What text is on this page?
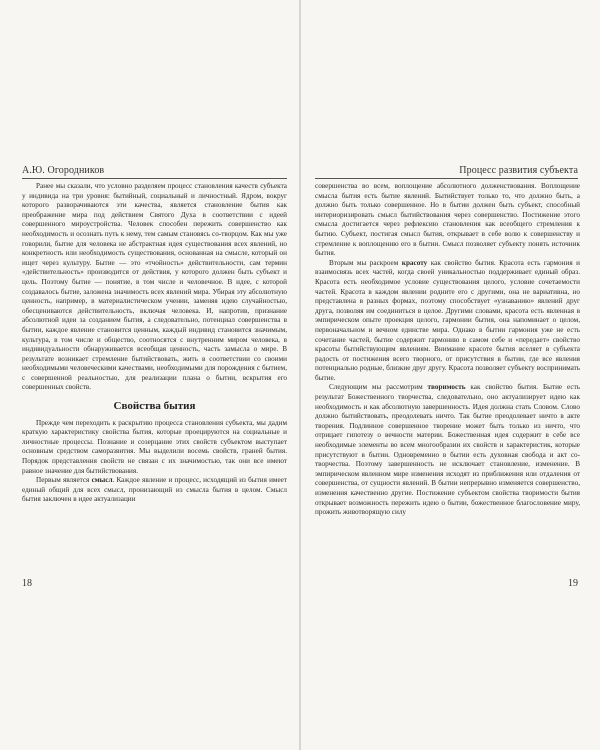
А.Ю. Огородников

Ранее мы сказали, что условно разделяем процесс становления качеств субъекта у индивида на три уровня: бытийный, социальный и личностный. Ядром, вокруг которого разворачиваются эти качества, является становление бытия как преображение мира под действием Святого Духа в соответствии с идеей совершенного мироустройства. Человек способен пережить совершенство как необходимость и осознать путь к нему, тем самым становясь со-творцом. Как мы уже говорили, бытие для человека не абстрактная идея существования всех явлений, но конкретность или необходимость существования, основанная на смысле, который он ищет через культуру. Бытие — это «тчойность» действительности, сам термин «действительность» производится от действия, у которого должен быть субъект и цель. Поэтому бытие — понятие, в том числе и человечное. В идее, с которой создавалось бытие, заложена значимость всех явлений мира. Убирая эту абсолютную ценность, например, в материалистическом учении, заменяя идею случайностью, обесцениваются действительность, включая человека. И, напротив, признание абсолютной идеи за созданием бытия, а следовательно, потенциал совершенства в бытии, каждое явление становится ценным, каждый индивид становится значимым, культура, в том числе и общество, соотносятся с внутренним миром человека, в индивидуальности обнаруживается всеобщая ценность, часть замысла о мире. В результате возникает стремление бытийствовать, жить в соответствии со своими необходимыми человеческими качествами, необходимыми для порождения с бытием, с совершенной реальностью, для реализации плана о бытии, вскрытия его совершенных свойств.

Свойства бытия

Прежде чем переходить к раскрытию процесса становления субъекта, мы дадим краткую характеристику свойства бытия, которые проецируются на социальные и личностные процессы. Познание и созерцание этих свойств субъектом выступает основным средством саморазвития. Мы выделили восемь свойств, граней бытия. Порядок представления свойств не связан с их значимостью, так они все имеют равное значение для бытийствования.

Первым является смысл. Каждое явление и процесс, исходящий из бытия имеет единый общий для всех смысл, пронизающий из смысла бытия в целом. Смысл бытия заключен в идее актуализации

18
Процесс развития субъекта

совершенства во всем, воплощение абсолютного долженствования. Воплощение смысла бытия есть бытие явлений. Бытийствует только то, что должно быть, а должно быть только совершенное. Но в бытии должен быть субъект, способный интериоризировать смысл бытийствования через совершенство. Постижение этого смысла достигается через рефлексию становления как всеобщего стремления к бытию. Субъект, постигая смысл бытия, открывает в себе волю к совершенству и стремление к воплощению его в бытии. Смысл позволяет субъекту понять источник бытия.

Вторым мы раскроем красоту как свойство бытия. Красота есть гармония и взаимосвязь всех частей, когда своей уникальностью поддерживает единый образ. Красота есть необходимое условие существования целого, условие сочетаемости частей. Красота в каждом явлении родните его с другими, она не вариативна, но представлена в разных формах, поэтому способствует «узнаванию» явлений друг друга, позволяя им соединиться в целое. Другими словами, красота есть явленная в эмпирическом опыте проекция целого, гармонии бытия, она напоминает о целом, первоначальном и вечном единстве мира. Однако в бытии гармония уже не есть сочетание частей, бытие содержит гармонию в самом себе и «передает» свойство красоты бытийствующим явлениям. Внимание красоте бытия вселяет в субъекта радость от постижения всего творного, от присутствия в бытии, где все явления потенциально родные, близкие друг другу. Красота позволяет субъекту воспринимать бытие.

Следующим мы рассмотрим творимость как свойство бытия. Бытие есть результат Божественного творчества, следовательно, оно актуализирует идею как необходимость и как абсолютную завершенность. Идея должна стать Словом. Слово должно бытийствовать, преодолевать ничто. Так бытие преодолевает ничто в акте творения. Подлинное совершенное творение может быть только из ничто, что отрицает гипотезу о вечности материи. Божественная идея содержит в себе все необходимые элементы во всем многообразии их свойств и характеристик, которые присутствуют в бытии. Одновременно в бытии есть духовная свобода и акт со-творчества. Поэтому завершенность не исключает становление, изменение. В эмпирическом явленном мире изменения исходят из приближения или отдаления от совершенства, от сущности явлений. В бытии непрерывно изменяется совершенство, изменения качественно другие. Постижение субъектом свойства творимости бытия открывает возможность пережить идею о бытии, божественное благословение миру, прожить животворящую силу

19
